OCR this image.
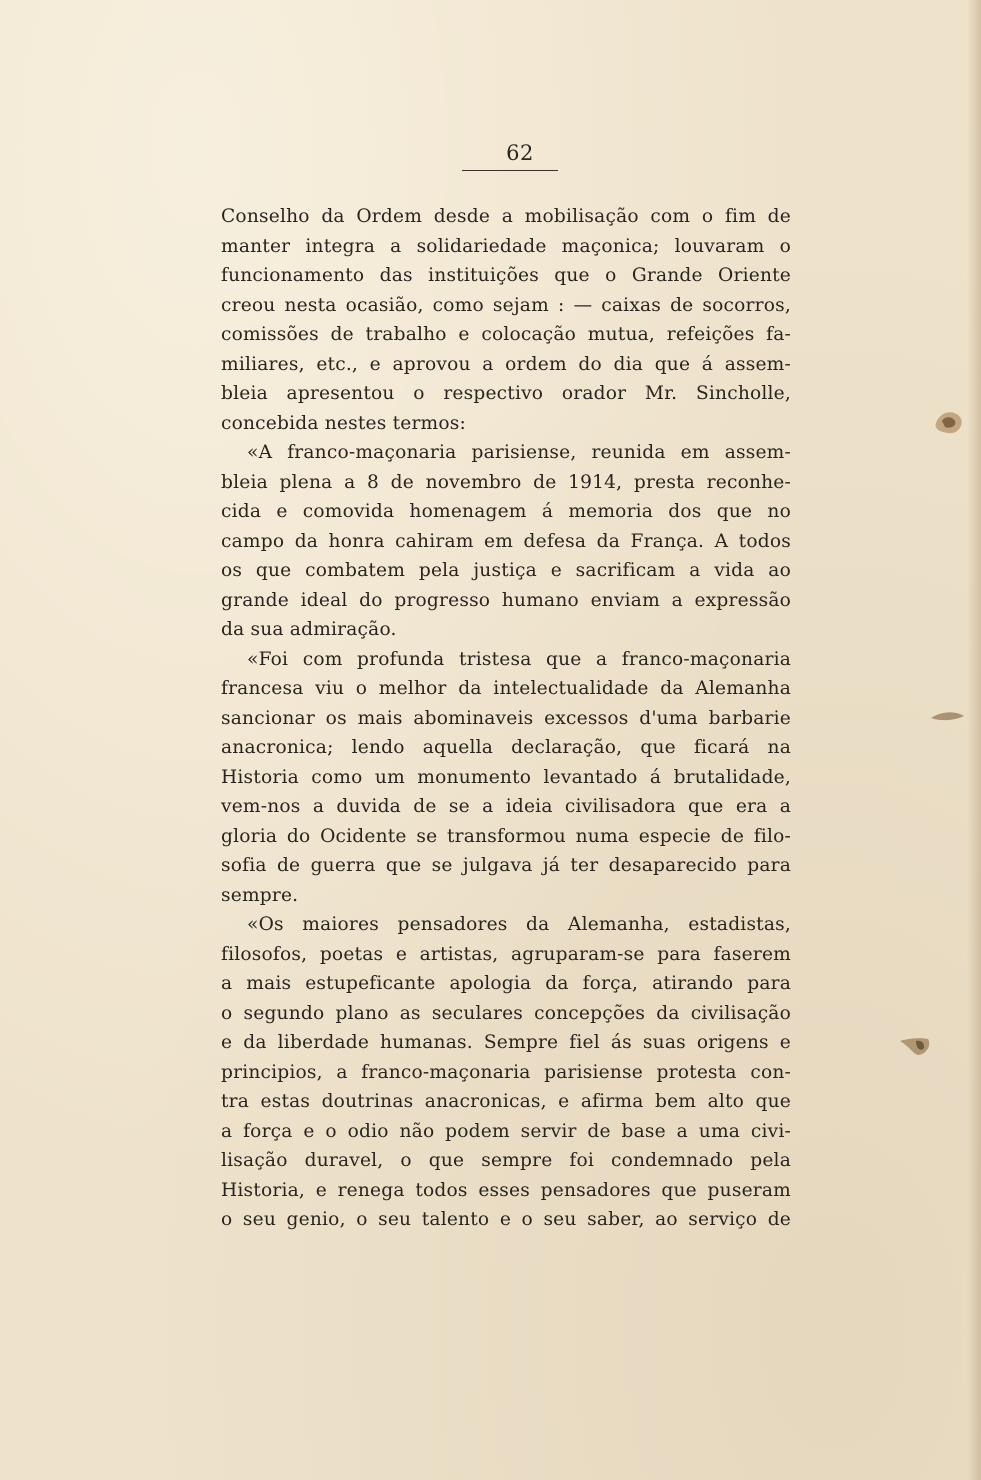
62
Conselho da Ordem desde a mobilisação com o fim de
manter integra a solidariedade maçonica; louvaram o
funcionamento das instituições que o Grande Oriente
creou nesta ocasião, como sejam : — caixas de socorros,
comissões de trabalho e colocação mutua, refeições fa-
miliares, etc., e aprovou a ordem do dia que á assem-
bleia apresentou o respectivo orador Mr. Sincholle,
concebida nestes termos:
«A franco-maçonaria parisiense, reunida em assem-
bleia plena a 8 de novembro de 1914, presta reconhe-
cida e comovida homenagem á memoria dos que no
campo da honra cahiram em defesa da França. A todos
os que combatem pela justiça e sacrificam a vida ao
grande ideal do progresso humano enviam a expressão
da sua admiração.
«Foi com profunda tristesa que a franco-maçonaria
francesa viu o melhor da intelectualidade da Alemanha
sancionar os mais abominaveis excessos d'uma barbarie
anacronica; lendo aquella declaração, que ficará na
Historia como um monumento levantado á brutalidade,
vem-nos a duvida de se a ideia civilisadora que era a
gloria do Ocidente se transformou numa especie de filo-
sofia de guerra que se julgava já ter desaparecido para
sempre.
«Os maiores pensadores da Alemanha, estadistas,
filosofos, poetas e artistas, agruparam-se para faserem
a mais estupeficante apologia da força, atirando para
o segundo plano as seculares concepções da civilisação
e da liberdade humanas. Sempre fiel ás suas origens e
principios, a franco-maçonaria parisiense protesta con-
tra estas doutrinas anacronicas, e afirma bem alto que
a força e o odio não podem servir de base a uma civi-
lisação duravel, o que sempre foi condemnado pela
Historia, e renega todos esses pensadores que puseram
o seu genio, o seu talento e o seu saber, ao serviço de
